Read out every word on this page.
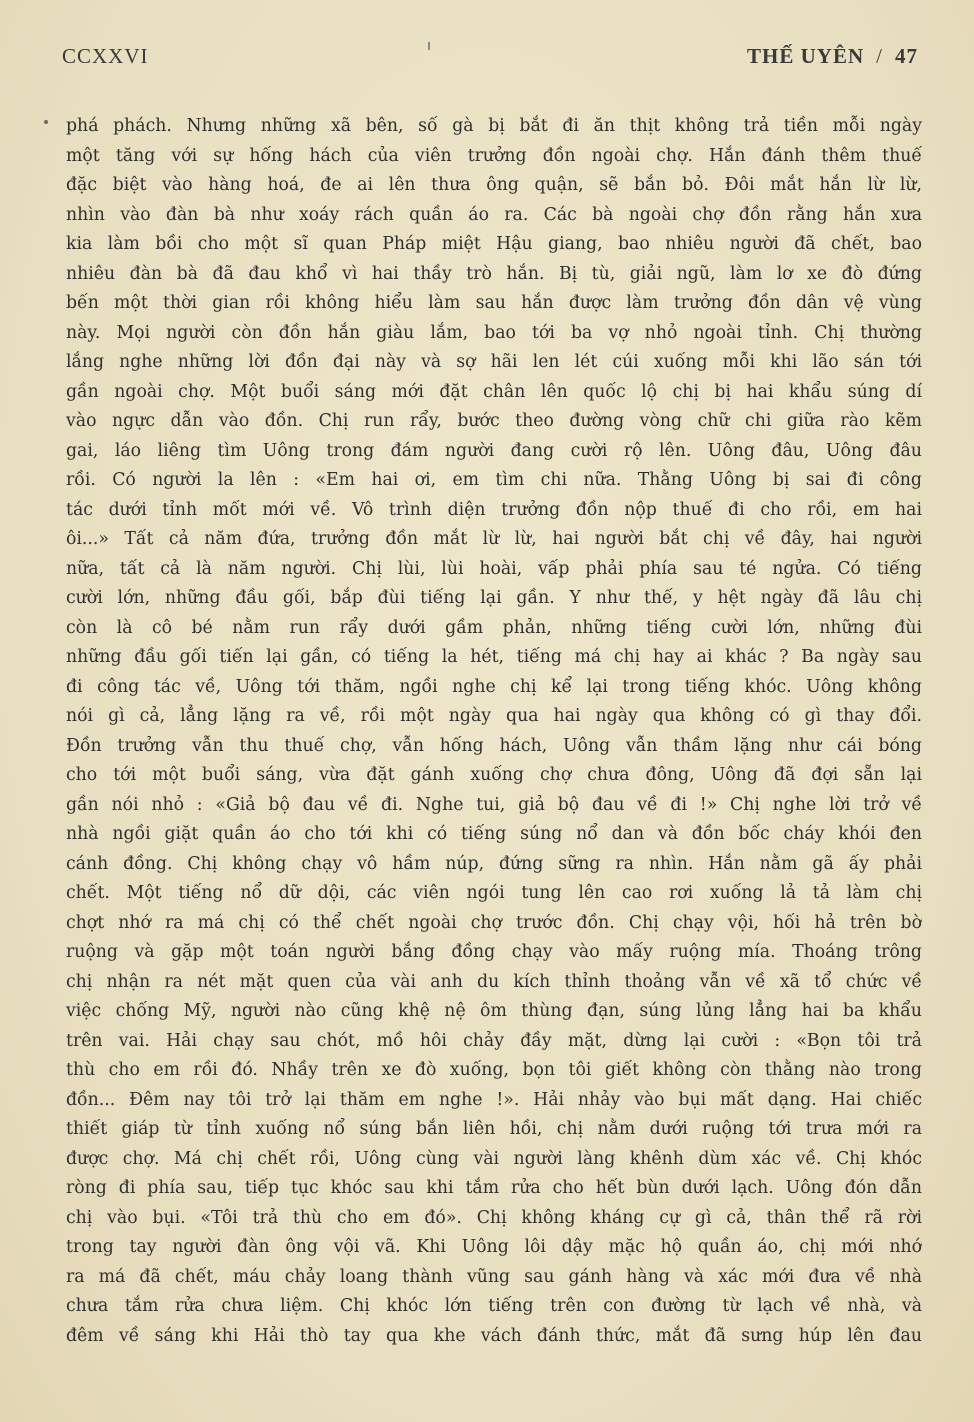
CCXXVI	THẾ UYÊN / 47
phá phách. Nhưng những xã bên, số gà bị bắt đi ăn thịt không trả tiền mỗi ngày
một tăng với sự hống hách của viên trưởng đồn ngoài chợ. Hắn đánh thêm thuế
đặc biệt vào hàng hoá, đe ai lên thưa ông quận, sẽ bắn bỏ. Đôi mắt hắn lừ lừ,
nhìn vào đàn bà như xoáy rách quần áo ra. Các bà ngoài chợ đồn rằng hắn xưa
kia làm bồi cho một sĩ quan Pháp miệt Hậu giang, bao nhiêu người đã chết, bao
nhiêu đàn bà đã đau khổ vì hai thầy trò hắn. Bị tù, giải ngũ, làm lơ xe đò đứng
bến một thời gian rồi không hiểu làm sau hắn được làm trưởng đồn dân vệ vùng
này. Mọi người còn đồn hắn giàu lắm, bao tới ba vợ nhỏ ngoài tỉnh. Chị thường
lắng nghe những lời đồn đại này và sợ hãi len lét cúi xuống mỗi khi lão sán tới
gần ngoài chợ. Một buổi sáng mới đặt chân lên quốc lộ chị bị hai khẩu súng dí
vào ngực dẫn vào đồn. Chị run rẩy, bước theo đường vòng chữ chi giữa rào kẽm
gai, láo liêng tìm Uông trong đám người đang cười rộ lên. Uông đâu, Uông đâu
rồi. Có người la lên : «Em hai ơi, em tìm chi nữa. Thằng Uông bị sai đi công
tác dưới tỉnh mốt mới về. Vô trình diện trưởng đồn nộp thuế đi cho rồi, em hai
ôi...» Tất cả năm đứa, trưởng đồn mắt lừ lừ, hai người bắt chị về đây, hai người
nữa, tất cả là năm người. Chị lùi, lùi hoài, vấp phải phía sau té ngửa. Có tiếng
cười lớn, những đầu gối, bắp đùi tiếng lại gần. Y như thế, y hệt ngày đã lâu chị
còn là cô bé nằm run rẩy dưới gầm phản, những tiếng cười lớn, những đùi
những đầu gối tiến lại gần, có tiếng la hét, tiếng má chị hay ai khác ? Ba ngày sau
đi công tác về, Uông tới thăm, ngồi nghe chị kể lại trong tiếng khóc. Uông không
nói gì cả, lẳng lặng ra về, rồi một ngày qua hai ngày qua không có gì thay đổi.
Đồn trưởng vẫn thu thuế chợ, vẫn hống hách, Uông vẫn thầm lặng như cái bóng
cho tới một buổi sáng, vừa đặt gánh xuống chợ chưa đông, Uông đã đợi sẵn lại
gần nói nhỏ : «Giả bộ đau về đi. Nghe tui, giả bộ đau về đi !» Chị nghe lời trở về
nhà ngồi giặt quần áo cho tới khi có tiếng súng nổ dan và đồn bốc cháy khói đen
cánh đồng. Chị không chạy vô hầm núp, đứng sững ra nhìn. Hắn nằm gã ấy phải
chết. Một tiếng nổ dữ dội, các viên ngói tung lên cao rơi xuống lả tả làm chị
chợt nhớ ra má chị có thể chết ngoài chợ trước đồn. Chị chạy vội, hối hả trên bờ
ruộng và gặp một toán người bắng đồng chạy vào mấy ruộng mía. Thoáng trông
chị nhận ra nét mặt quen của vài anh du kích thỉnh thoảng vẫn về xã tổ chức về
việc chống Mỹ, người nào cũng khệ nệ ôm thùng đạn, súng lủng lẳng hai ba khẩu
trên vai. Hải chạy sau chót, mồ hôi chảy đầy mặt, dừng lại cười : «Bọn tôi trả
thù cho em rồi đó. Nhầy trên xe đò xuống, bọn tôi giết không còn thằng nào trong
đồn... Đêm nay tôi trở lại thăm em nghe !». Hải nhảy vào bụi mất dạng. Hai chiếc
thiết giáp từ tỉnh xuống nổ súng bắn liên hồi, chị nằm dưới ruộng tới trưa mới ra
được chợ. Má chị chết rồi, Uông cùng vài người làng khênh dùm xác về. Chị khóc
ròng đi phía sau, tiếp tục khóc sau khi tắm rửa cho hết bùn dưới lạch. Uông đón dẫn
chị vào bụi. «Tôi trả thù cho em đó». Chị không kháng cự gì cả, thân thể rã rời
trong tay người đàn ông vội vã. Khi Uông lôi dậy mặc hộ quần áo, chị mới nhớ
ra má đã chết, máu chảy loang thành vũng sau gánh hàng và xác mới đưa về nhà
chưa tắm rửa chưa liệm. Chị khóc lớn tiếng trên con đường từ lạch về nhà, và
đêm về sáng khi Hải thò tay qua khe vách đánh thức, mắt đã sưng húp lên đau
